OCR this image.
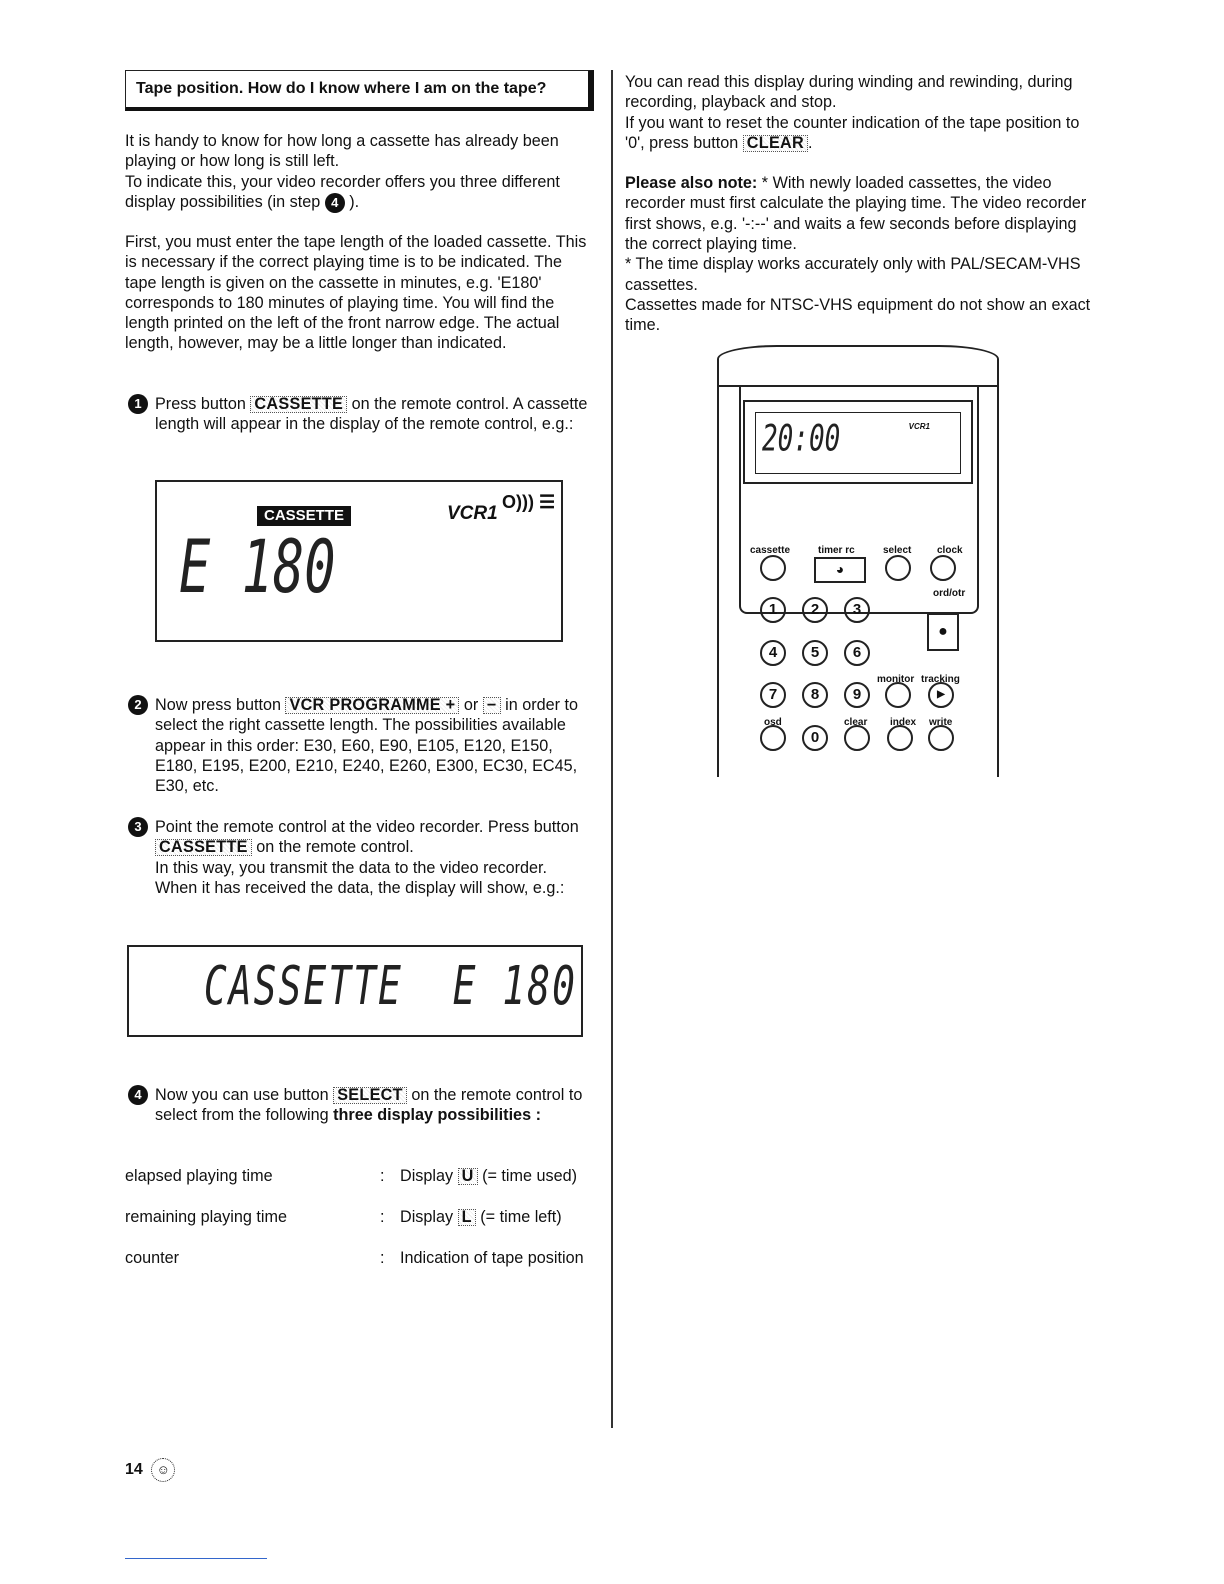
Tape position. How do I know where I am on the tape?

It is handy to know for how long a cassette has already been playing or how long is still left.

To indicate this, your video recorder offers you three different display possibilities (in step 4 ).

First, you must enter the tape length of the loaded cassette. This is necessary if the correct playing time is to be indicated. The tape length is given on the cassette in minutes, e.g. 'E180' corresponds to 180 minutes of playing time. You will find the length printed on the left of the front narrow edge. The actual length, however, may be a little longer than indicated.

1 Press button CASSETTE on the remote control. A cassette length will appear in the display of the remote control, e.g.:

CASSETTE	VCR1
O))) ☰
E 180
2 Now press button VCR PROGRAMME + or − in order to select the right cassette length. The possibilities available appear in this order: E30, E60, E90, E105, E120, E150, E180, E195, E200, E210, E240, E260, E300, EC30, EC45, E30, etc.

3 Point the remote control at the video recorder. Press button CASSETTE on the remote control.

In this way, you transmit the data to the video recorder. When it has received the data, the display will show, e.g.:

CASSETTE  E 180
4 Now you can use button SELECT on the remote control to select from the following three display possibilities :

elapsed playing time	: Display U (= time used)
remaining playing time	: Display L (= time left)
counter	: Indication of tape position
14 ☺

You can read this display during winding and rewinding, during recording, playback and stop.

If you want to reset the counter indication of the tape position to '0', press button CLEAR .

Please also note: * With newly loaded cassettes, the video recorder must first calculate the playing time. The video recorder first shows, e.g. '-:--' and waits a few seconds before displaying the correct playing time.

* The time display works accurately only with PAL/SECAM-VHS cassettes.

Cassettes made for NTSC-VHS equipment do not show an exact time.

VCR1
20:00
cassette	timer rc	select	clock
ord/otr
◕
●
1	2	3
4	5	6
monitor tracking
7	8	9	▶
osd	clear index write
0
